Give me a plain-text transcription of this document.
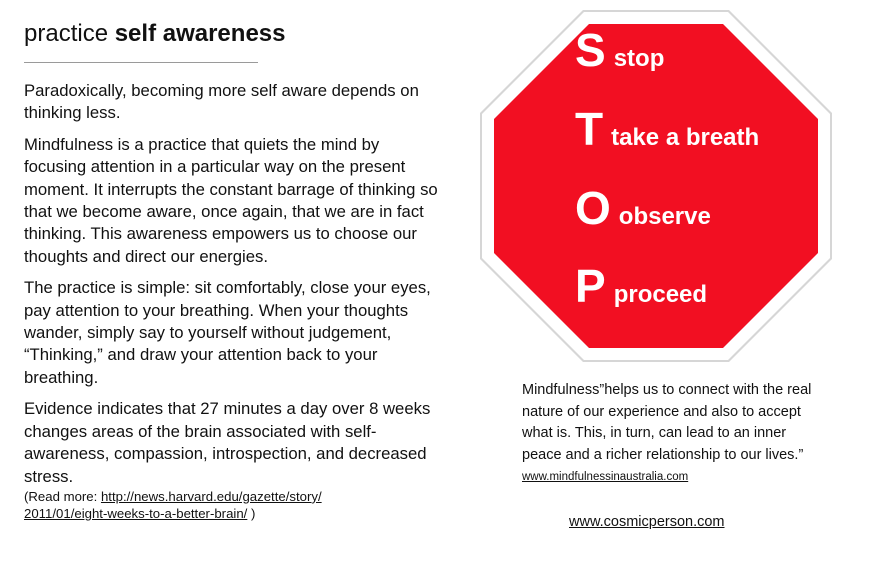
practice self awareness

Paradoxically, becoming more self aware depends on thinking less.

Mindfulness is a practice that quiets the mind by focusing attention in a particular way on the present moment. It interrupts the constant barrage of thinking so that we become aware, once again, that we are in fact thinking. This awareness empowers us to choose our thoughts and direct our energies.

The practice is simple: sit comfortably, close your eyes, pay attention to your breathing. When your thoughts wander, simply say to yourself without judgement, “Thinking,” and draw your attention back to your breathing.

Evidence indicates that 27 minutes a day over 8 weeks changes areas of the brain associated with self-awareness, compassion, introspection, and decreased stress.

(Read more: http://news.harvard.edu/gazette/story/
2011/01/eight-weeks-to-a-better-brain/ )
Sstop
Ttake a breath
Oobserve
Pproceed
Mindfulness”helps us to connect with the real nature of our experience and also to accept what is. This, in turn, can lead to an inner peace and a richer relationship to our lives.” www.mindfulnessinaustralia.com
www.cosmicperson.com
